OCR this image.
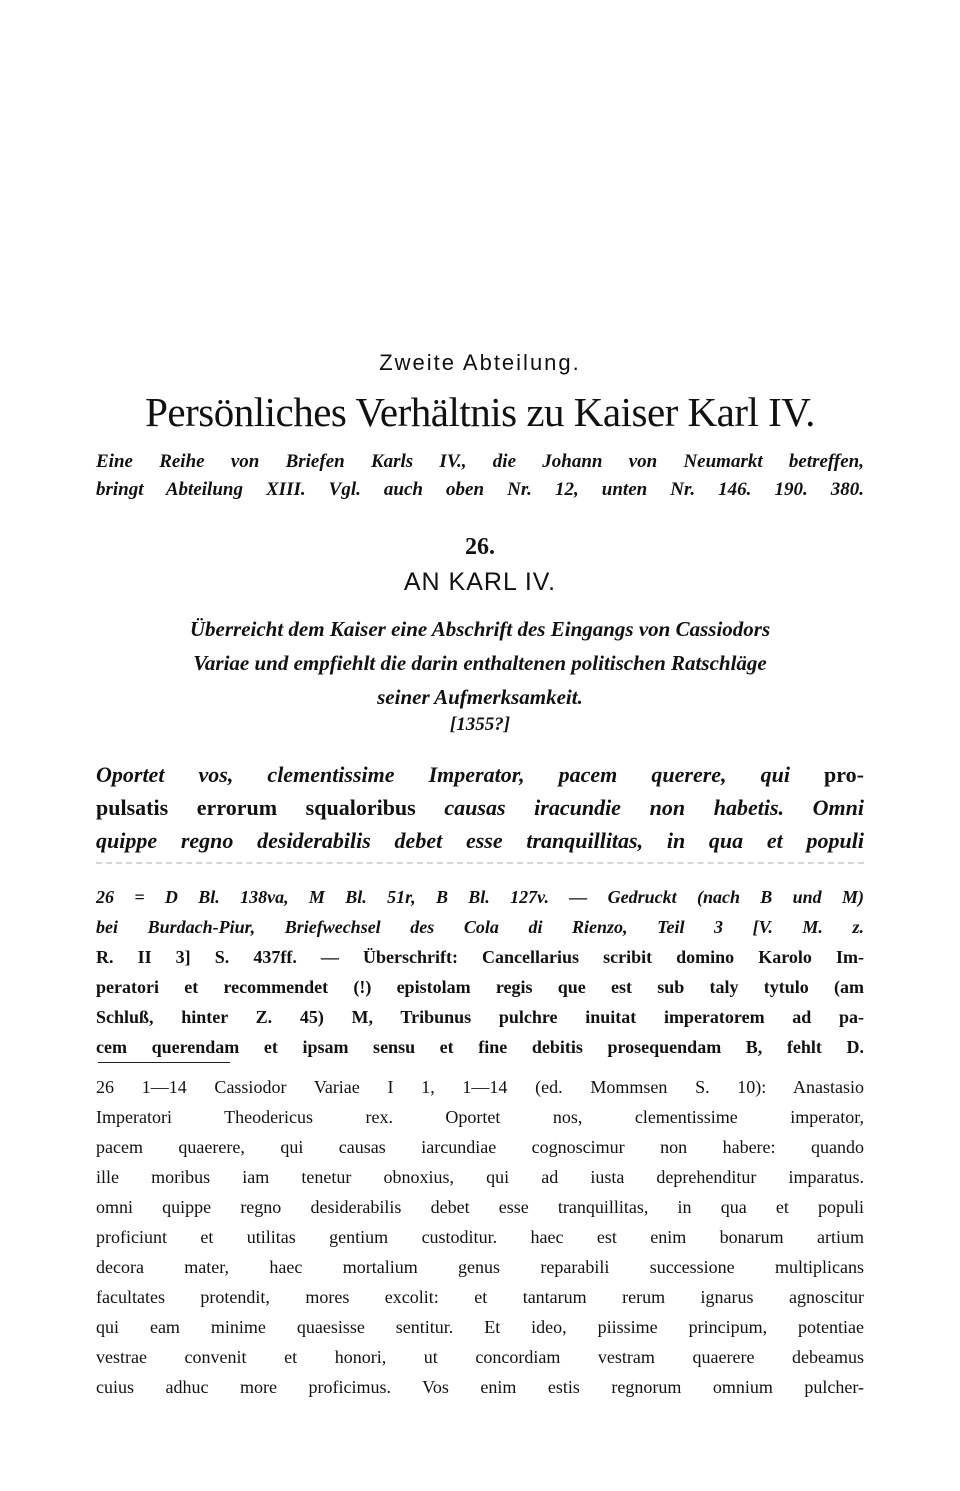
Zweite Abteilung.
Persönliches Verhältnis zu Kaiser Karl IV.
Eine Reihe von Briefen Karls IV., die Johann von Neumarkt betreffen,
bringt Abteilung XIII. Vgl. auch oben Nr. 12, unten Nr. 146. 190. 380.
26.
AN KARL IV.
Überreicht dem Kaiser eine Abschrift des Eingangs von Cassiodors
Variae und empfiehlt die darin enthaltenen politischen Ratschläge
seiner Aufmerksamkeit.
[1355?]
Oportet vos, clementissime Imperator, pacem querere, qui pro-
pulsatis errorum squaloribus causas iracundie non habetis. Omni
quippe regno desiderabilis debet esse tranquillitas, in qua et populi
26 = D Bl. 138va, M Bl. 51r, B Bl. 127v. — Gedruckt (nach B und M)
bei Burdach-Piur, Briefwechsel des Cola di Rienzo, Teil 3 [V. M. z.
R. II 3] S. 437ff. — Überschrift: Cancellarius scribit domino Karolo Im-
peratori et recommendet (!) epistolam regis que est sub taly tytulo (am
Schluß, hinter Z. 45) M, Tribunus pulchre inuitat imperatorem ad pa-
cem querendam et ipsam sensu et fine debitis prosequendam B, fehlt D.
26 1—14 Cassiodor Variae I 1, 1—14 (ed. Mommsen S. 10): Anastasio
Imperatori Theodericus rex. Oportet nos, clementissime imperator,
pacem quaerere, qui causas iarcundiae cognoscimur non habere: quando
ille moribus iam tenetur obnoxius, qui ad iusta deprehenditur imparatus.
omni quippe regno desiderabilis debet esse tranquillitas, in qua et populi
proficiunt et utilitas gentium custoditur. haec est enim bonarum artium
decora mater, haec mortalium genus reparabili successione multiplicans
facultates protendit, mores excolit: et tantarum rerum ignarus agnoscitur
qui eam minime quaesisse sentitur. Et ideo, piissime principum, potentiae
vestrae convenit et honori, ut concordiam vestram quaerere debeamus
cuius adhuc more proficimus. Vos enim estis regnorum omnium pulcher-
